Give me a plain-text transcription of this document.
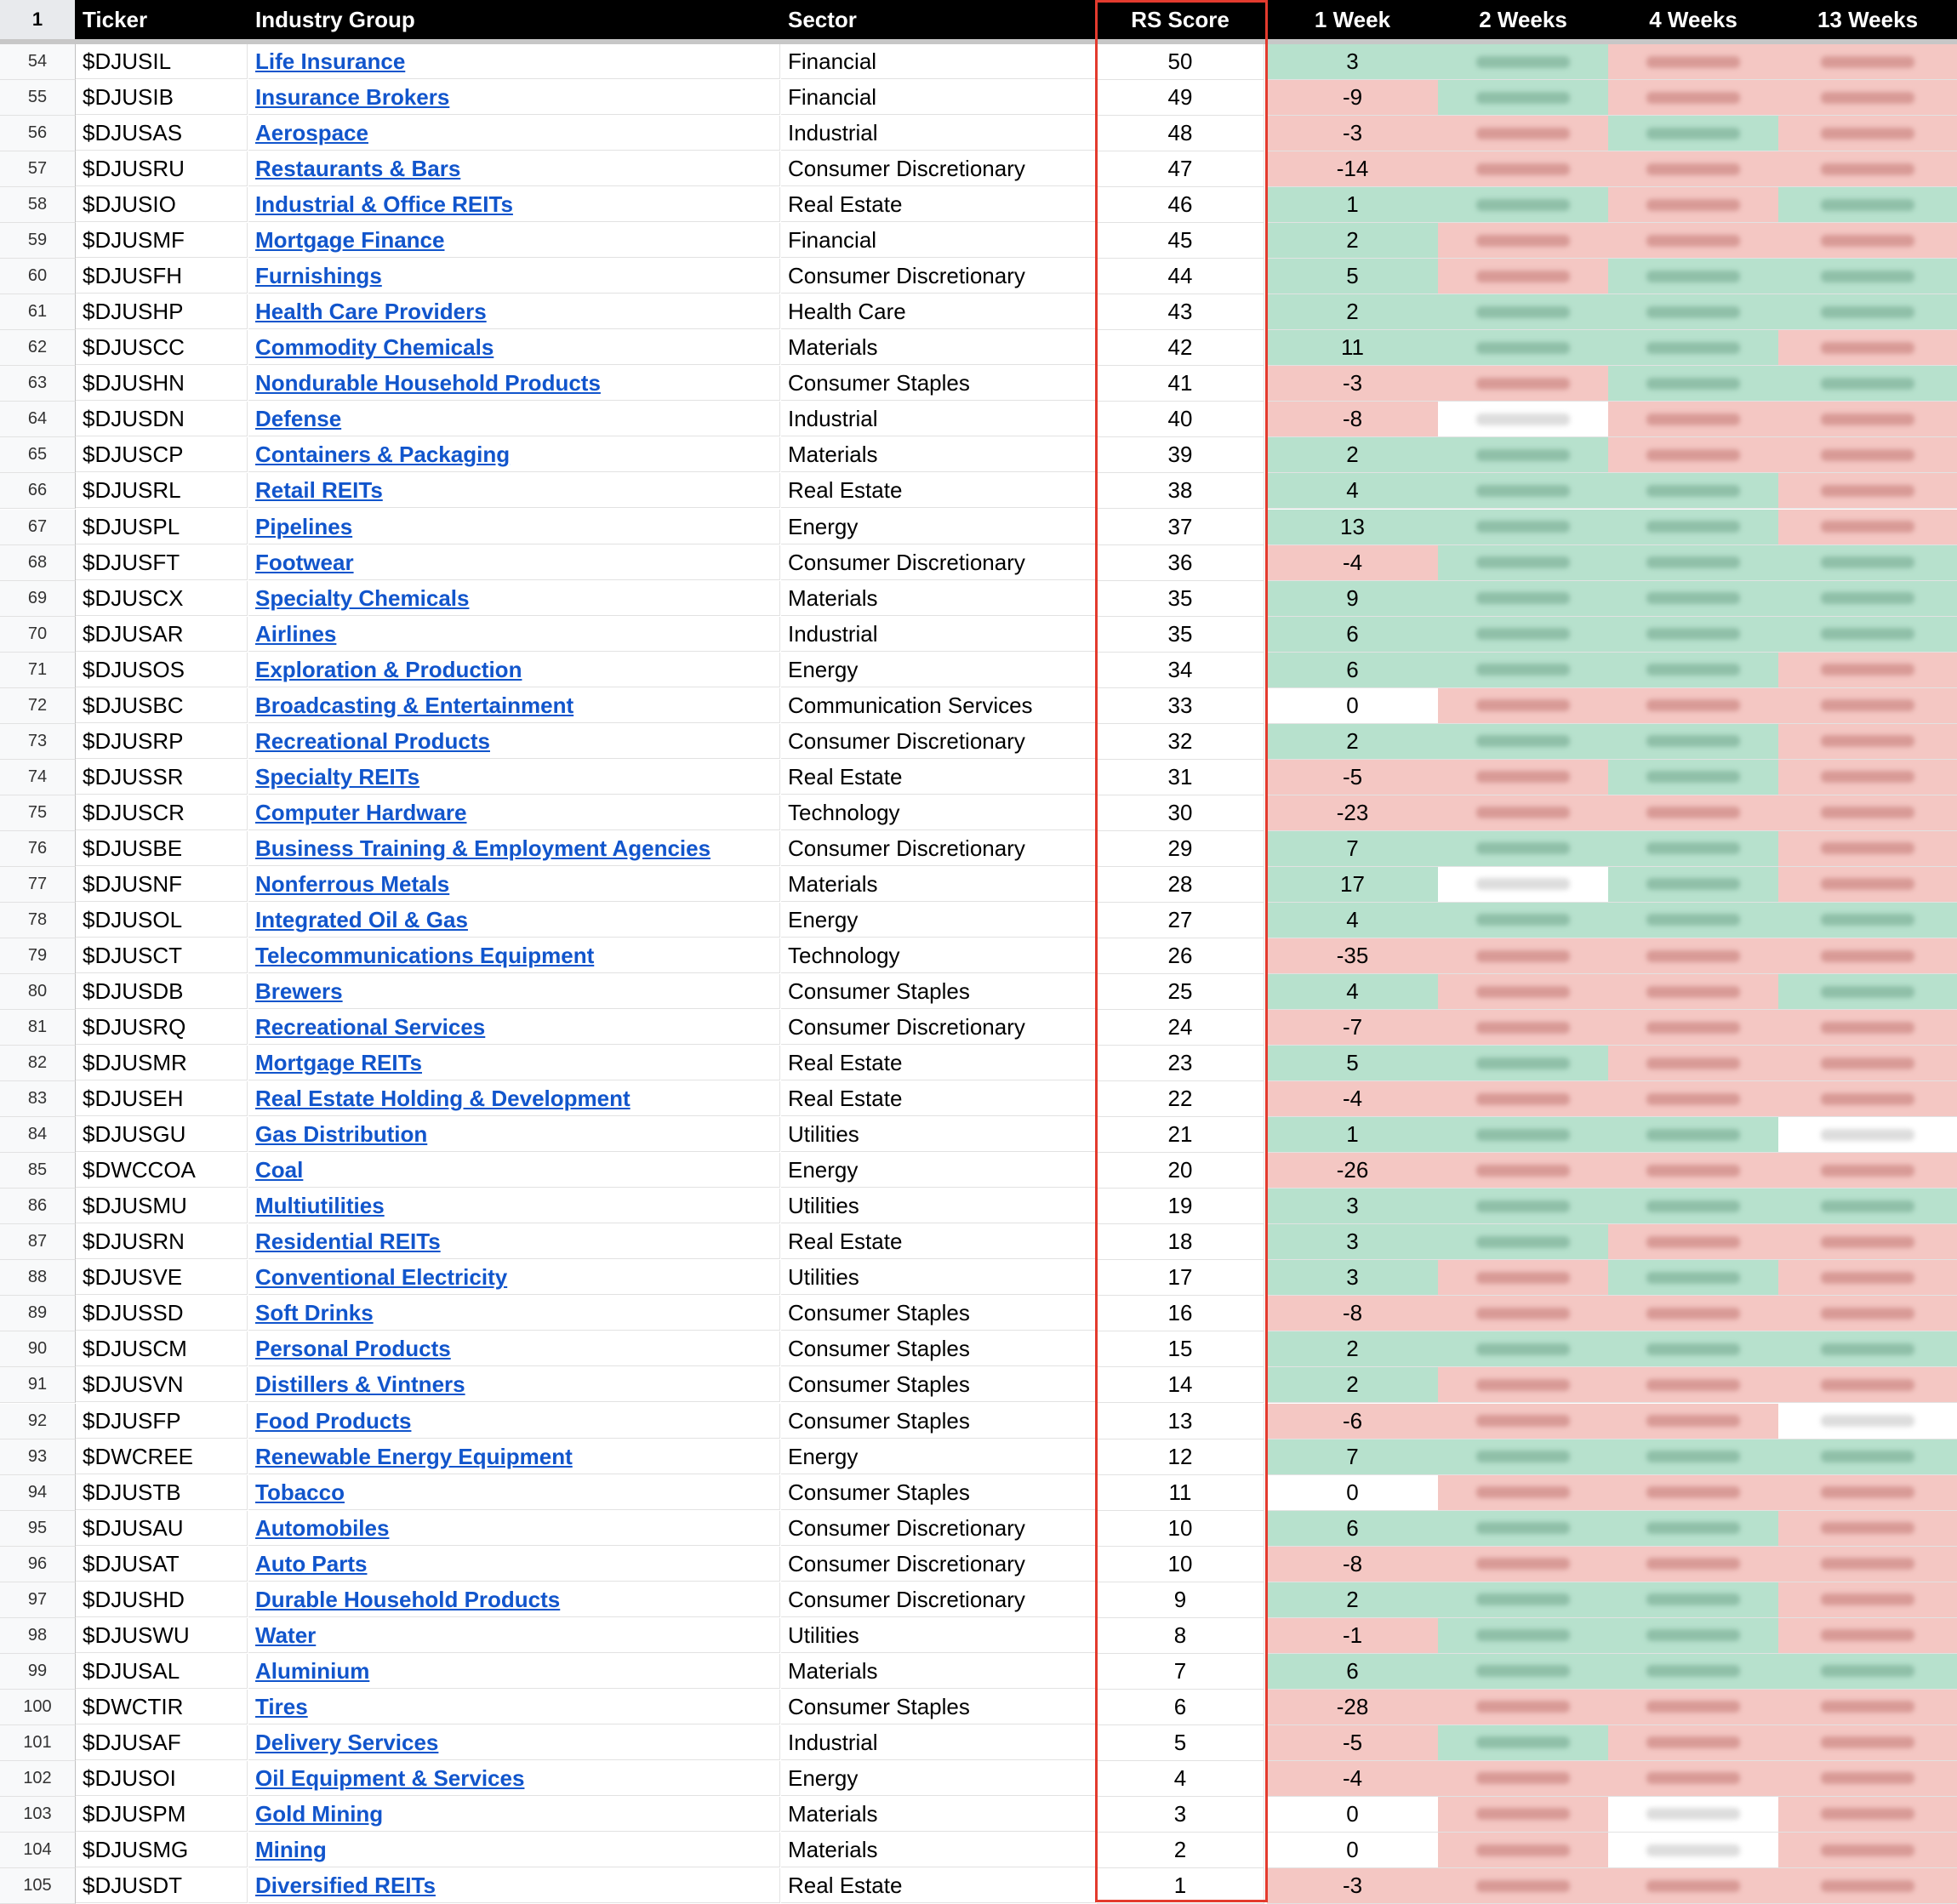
1	Ticker	Industry Group	Sector	RS Score	1 Week	2 Weeks	4 Weeks	13 Weeks
54	$DJUSIL	Life Insurance	Financial	50	3
55	$DJUSIB	Insurance Brokers	Financial	49	-9
56	$DJUSAS	Aerospace	Industrial	48	-3
57	$DJUSRU	Restaurants & Bars	Consumer Discretionary	47	-14
58	$DJUSIO	Industrial & Office REITs	Real Estate	46	1
59	$DJUSMF	Mortgage Finance	Financial	45	2
60	$DJUSFH	Furnishings	Consumer Discretionary	44	5
61	$DJUSHP	Health Care Providers	Health Care	43	2
62	$DJUSCC	Commodity Chemicals	Materials	42	11
63	$DJUSHN	Nondurable Household Products	Consumer Staples	41	-3
64	$DJUSDN	Defense	Industrial	40	-8
65	$DJUSCP	Containers & Packaging	Materials	39	2
66	$DJUSRL	Retail REITs	Real Estate	38	4
67	$DJUSPL	Pipelines	Energy	37	13
68	$DJUSFT	Footwear	Consumer Discretionary	36	-4
69	$DJUSCX	Specialty Chemicals	Materials	35	9
70	$DJUSAR	Airlines	Industrial	35	6
71	$DJUSOS	Exploration & Production	Energy	34	6
72	$DJUSBC	Broadcasting & Entertainment	Communication Services	33	0
73	$DJUSRP	Recreational Products	Consumer Discretionary	32	2
74	$DJUSSR	Specialty REITs	Real Estate	31	-5
75	$DJUSCR	Computer Hardware	Technology	30	-23
76	$DJUSBE	Business Training & Employment Agencies	Consumer Discretionary	29	7
77	$DJUSNF	Nonferrous Metals	Materials	28	17
78	$DJUSOL	Integrated Oil & Gas	Energy	27	4
79	$DJUSCT	Telecommunications Equipment	Technology	26	-35
80	$DJUSDB	Brewers	Consumer Staples	25	4
81	$DJUSRQ	Recreational Services	Consumer Discretionary	24	-7
82	$DJUSMR	Mortgage REITs	Real Estate	23	5
83	$DJUSEH	Real Estate Holding & Development	Real Estate	22	-4
84	$DJUSGU	Gas Distribution	Utilities	21	1
85	$DWCCOA	Coal	Energy	20	-26
86	$DJUSMU	Multiutilities	Utilities	19	3
87	$DJUSRN	Residential REITs	Real Estate	18	3
88	$DJUSVE	Conventional Electricity	Utilities	17	3
89	$DJUSSD	Soft Drinks	Consumer Staples	16	-8
90	$DJUSCM	Personal Products	Consumer Staples	15	2
91	$DJUSVN	Distillers & Vintners	Consumer Staples	14	2
92	$DJUSFP	Food Products	Consumer Staples	13	-6
93	$DWCREE	Renewable Energy Equipment	Energy	12	7
94	$DJUSTB	Tobacco	Consumer Staples	11	0
95	$DJUSAU	Automobiles	Consumer Discretionary	10	6
96	$DJUSAT	Auto Parts	Consumer Discretionary	10	-8
97	$DJUSHD	Durable Household Products	Consumer Discretionary	9	2
98	$DJUSWU	Water	Utilities	8	-1
99	$DJUSAL	Aluminium	Materials	7	6
100	$DWCTIR	Tires	Consumer Staples	6	-28
101	$DJUSAF	Delivery Services	Industrial	5	-5
102	$DJUSOI	Oil Equipment & Services	Energy	4	-4
103	$DJUSPM	Gold Mining	Materials	3	0
104	$DJUSMG	Mining	Materials	2	0
105	$DJUSDT	Diversified REITs	Real Estate	1	-3
